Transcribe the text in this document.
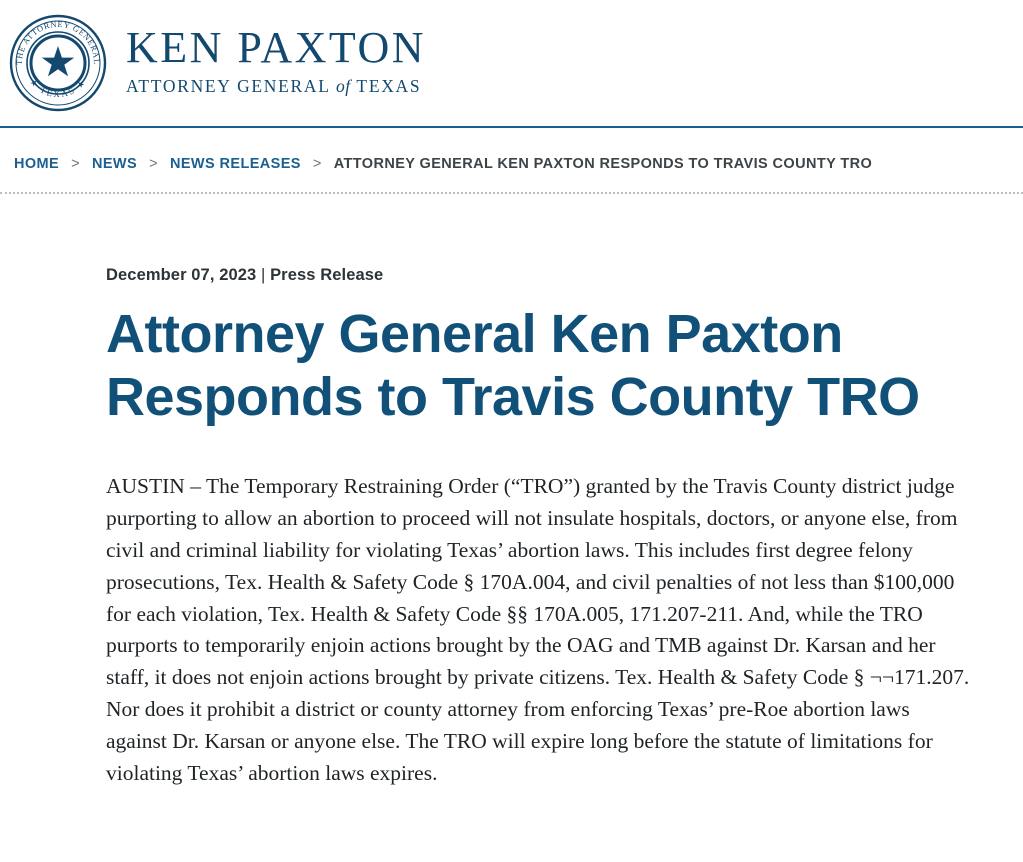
THE ATTORNEY GENERAL
★ TEXAS ★
KEN PAXTON
ATTORNEY GENERAL of TEXAS
HOME > NEWS > NEWS RELEASES > ATTORNEY GENERAL KEN PAXTON RESPONDS TO TRAVIS COUNTY TRO
December 07, 2023 | Press Release
Attorney General Ken Paxton Responds to Travis County TRO

AUSTIN – The Temporary Restraining Order (“TRO”) granted by the Travis County district judge purporting to allow an abortion to proceed will not insulate hospitals, doctors, or anyone else, from civil and criminal liability for violating Texas’ abortion laws. This includes first degree felony prosecutions, Tex. Health & Safety Code § 170A.004, and civil penalties of not less than $100,000 for each violation, Tex. Health & Safety Code §§ 170A.005, 171.207-211. And, while the TRO purports to temporarily enjoin actions brought by the OAG and TMB against Dr. Karsan and her staff, it does not enjoin actions brought by private citizens. Tex. Health & Safety Code § ¬¬171.207. Nor does it prohibit a district or county attorney from enforcing Texas’ pre-Roe abortion laws against Dr. Karsan or anyone else. The TRO will expire long before the statute of limitations for violating Texas’ abortion laws expires.
